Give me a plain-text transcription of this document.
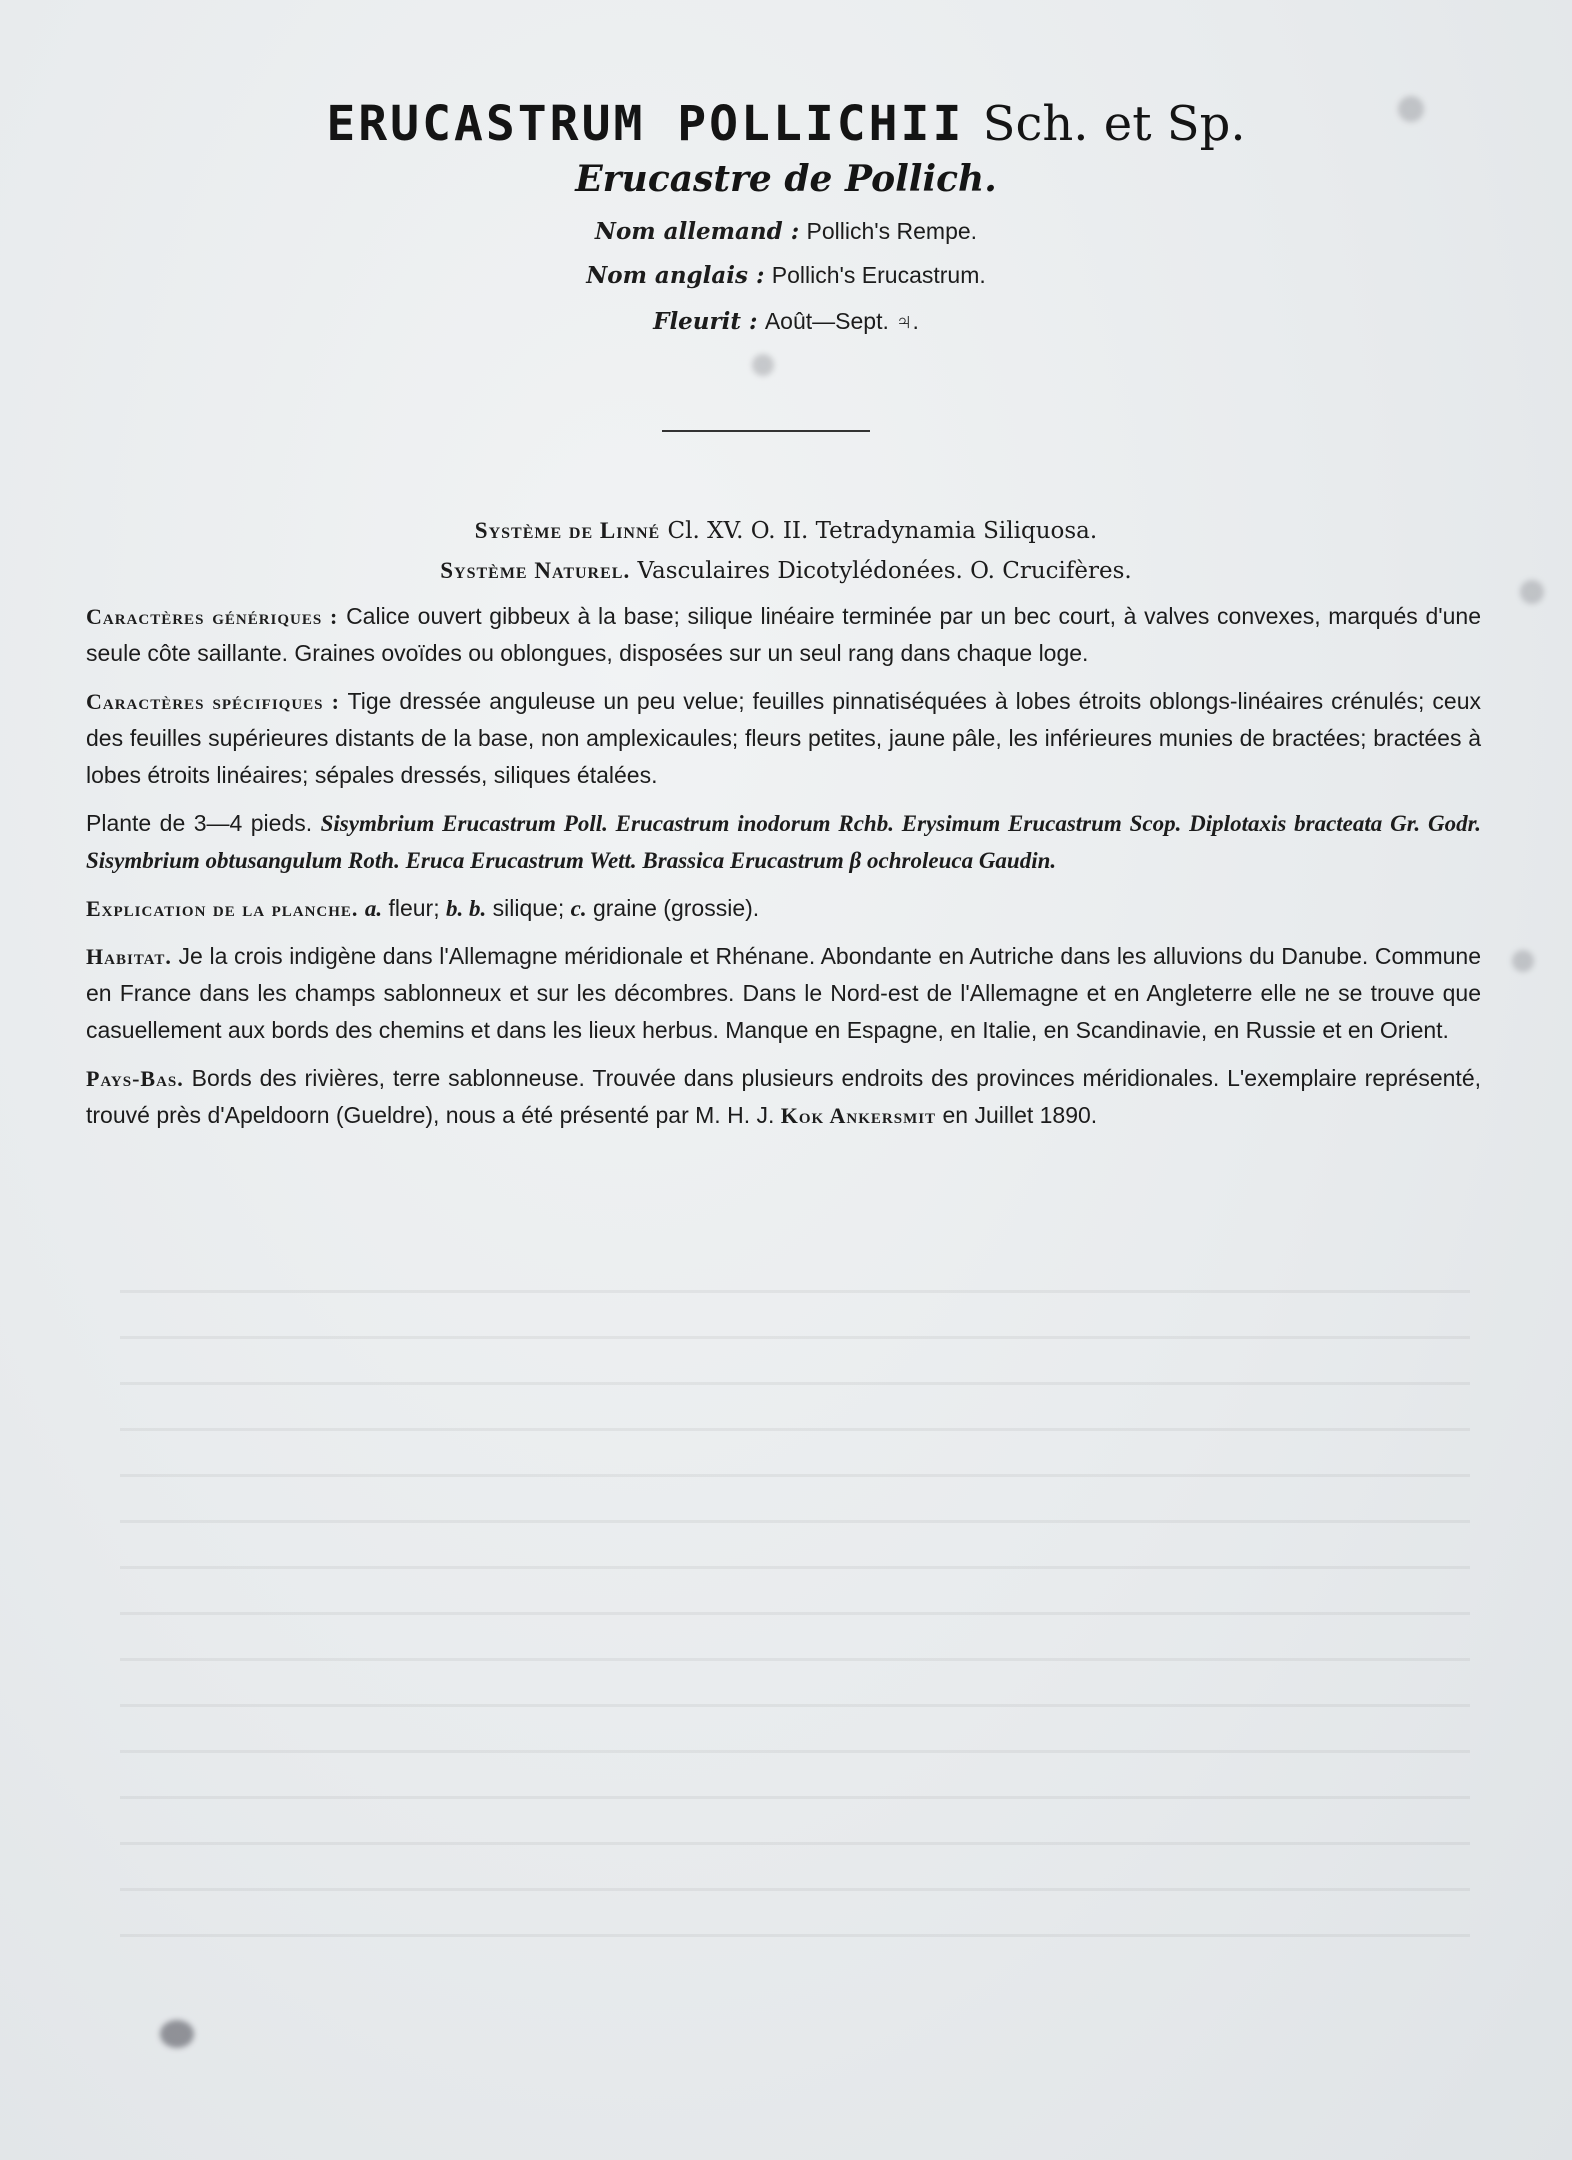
ERUCASTRUM POLLICHII Sch. et Sp.
Erucastre de Pollich.
Nom allemand : Pollich's Rempe.
Nom anglais : Pollich's Erucastrum.
Fleurit : Août—Sept. ♃.
Système de Linné Cl. XV. O. II. Tetradynamia Siliquosa.
Système Naturel. Vasculaires Dicotylédonées. O. Crucifères.

Caractères génériques : Calice ouvert gibbeux à la base; silique linéaire terminée par un bec court, à valves convexes, marqués d'une seule côte saillante. Graines ovoïdes ou oblongues, disposées sur un seul rang dans chaque loge.

Caractères spécifiques : Tige dressée anguleuse un peu velue; feuilles pinnatiséquées à lobes étroits oblongs-linéaires crénulés; ceux des feuilles supérieures distants de la base, non amplexicaules; fleurs petites, jaune pâle, les inférieures munies de bractées; bractées à lobes étroits linéaires; sépales dressés, siliques étalées.

Plante de 3—4 pieds. Sisymbrium Erucastrum Poll. Erucastrum inodorum Rchb. Erysimum Erucastrum Scop. Diplotaxis bracteata Gr. Godr. Sisymbrium obtusangulum Roth. Eruca Erucastrum Wett. Brassica Erucastrum β ochroleuca Gaudin.

Explication de la planche. a. fleur; b. b. silique; c. graine (grossie).

Habitat. Je la crois indigène dans l'Allemagne méridionale et Rhénane. Abondante en Autriche dans les alluvions du Danube. Commune en France dans les champs sablonneux et sur les décombres. Dans le Nord-est de l'Allemagne et en Angleterre elle ne se trouve que casuellement aux bords des chemins et dans les lieux herbus. Manque en Espagne, en Italie, en Scandinavie, en Russie et en Orient.

Pays-Bas. Bords des rivières, terre sablonneuse. Trouvée dans plusieurs endroits des provinces méridionales. L'exemplaire représenté, trouvé près d'Apeldoorn (Gueldre), nous a été présenté par M. H. J. Kok Ankersmit en Juillet 1890.
